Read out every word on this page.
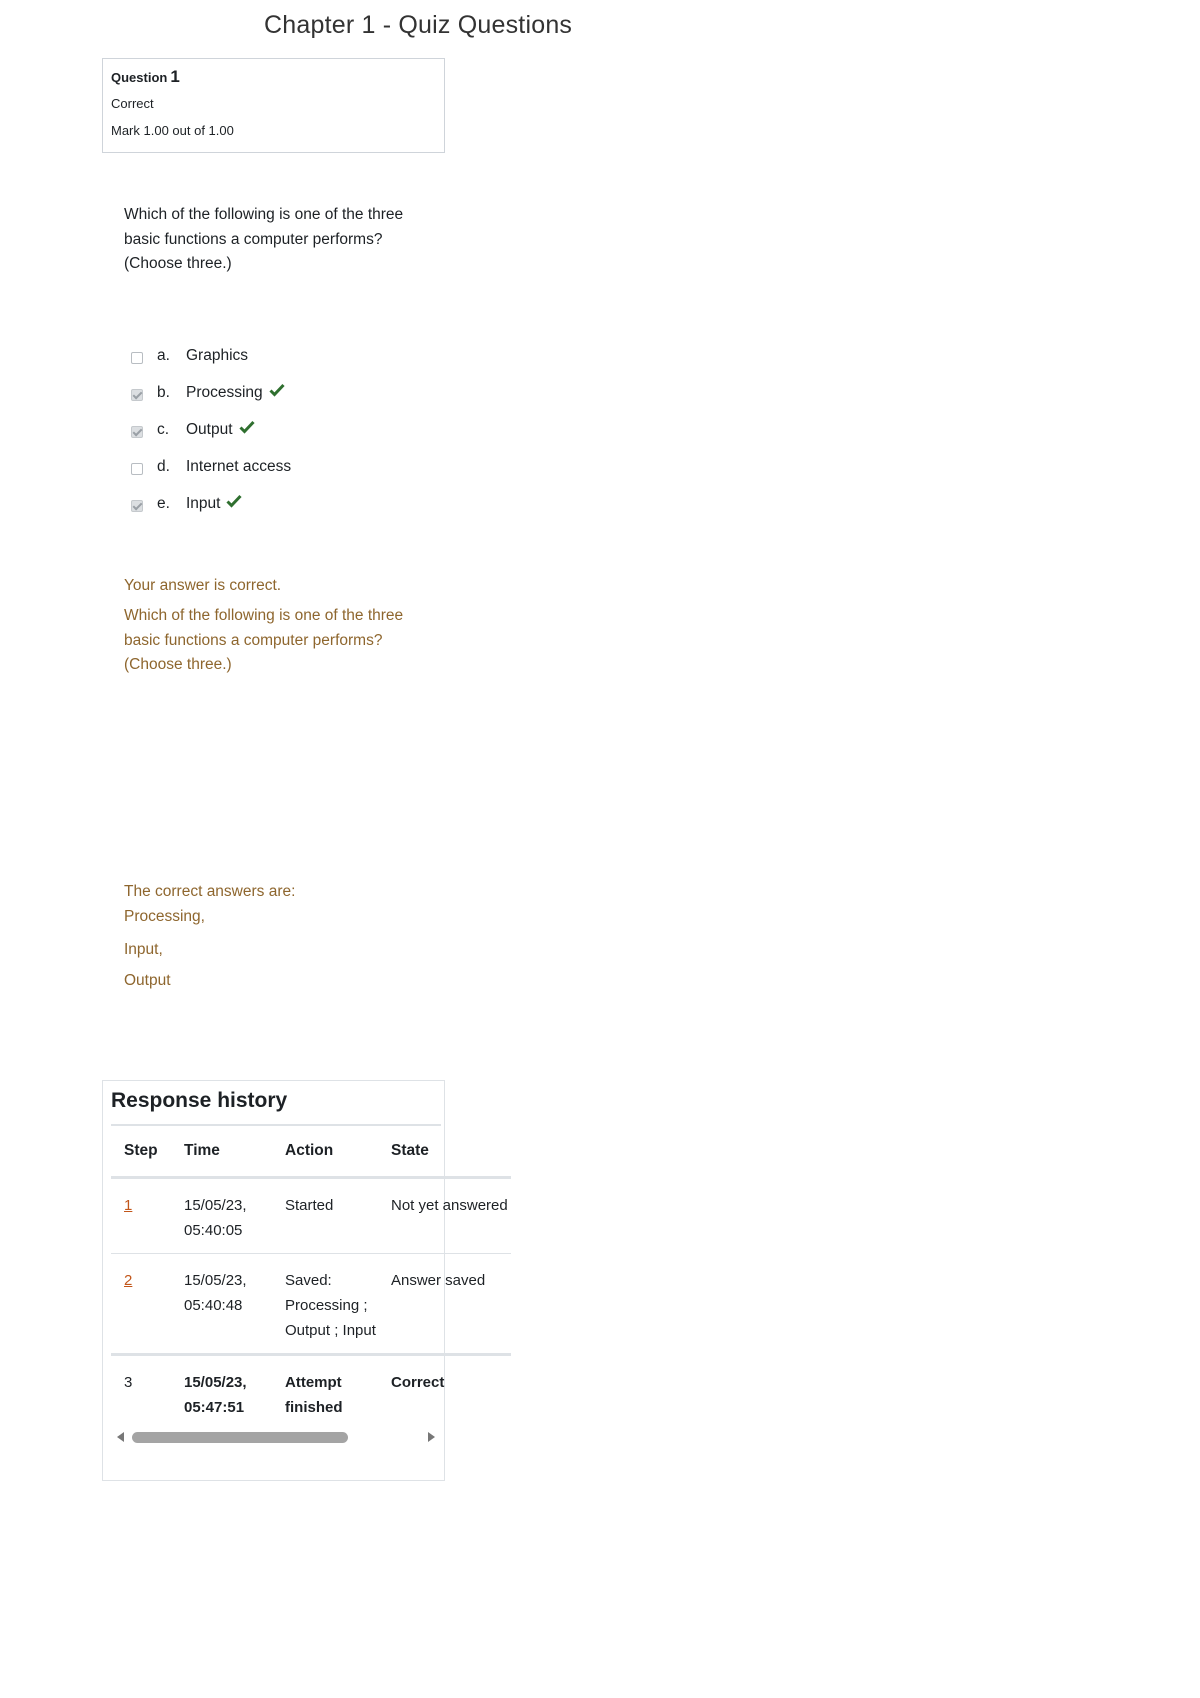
Chapter 1 - Quiz Questions
Question 1
Correct
Mark 1.00 out of 1.00
Which of the following is one of the three basic functions a computer performs? (Choose three.)
a.	Graphics
b.	Processing
c.	Output
d.	Internet access
e.	Input
Your answer is correct.
Which of the following is one of the three basic functions a computer performs? (Choose three.)
The correct answers are:
Processing,
Input,
Output
Response history
Step	Time	Action	State
1	15/05/23, 05:40:05	Started	Not yet answered
2	15/05/23, 05:40:48	Saved: Processing ; Output ; Input	Answer saved
3	15/05/23, 05:47:51	Attempt finished	Correct
